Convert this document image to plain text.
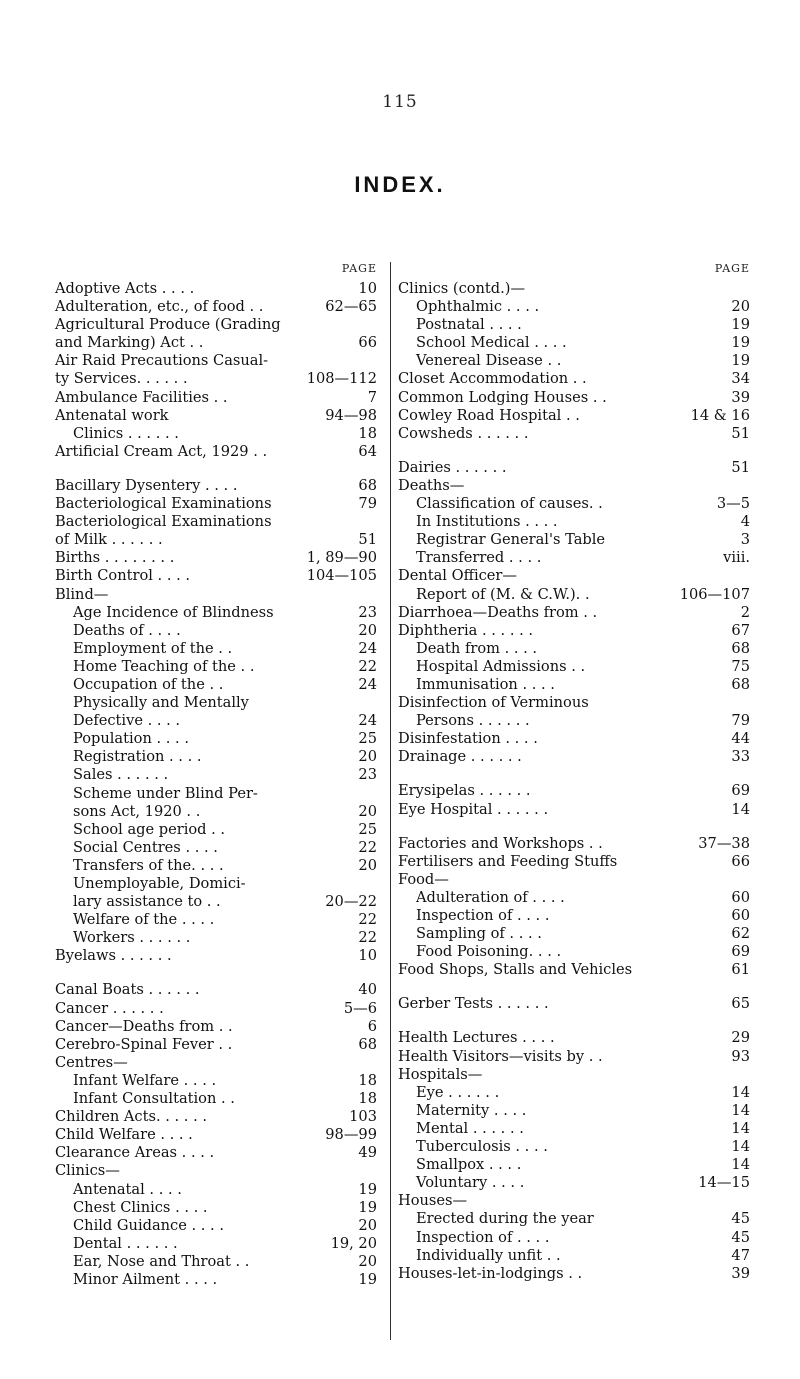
115
INDEX.
PAGE
Adoptive Acts . . . .	10
Adulteration, etc., of food . .	62—65
Agricultural Produce (Grading
and Marking) Act . .	66
Air Raid Precautions Casual-
ty Services. . . . . .	108—112
Ambulance Facilities . .	7
Antenatal work	94—98
Clinics . . . . . .	18
Artificial Cream Act, 1929 . .	64
Bacillary Dysentery . . . .	68
Bacteriological Examinations	79
Bacteriological Examinations
of Milk . . . . . .	51
Births . . . . . . . .	1, 89—90
Birth Control . . . .	104—105
Blind—
Age Incidence of Blindness	23
Deaths of . . . .	20
Employment of the . .	24
Home Teaching of the . .	22
Occupation of the . .	24
Physically and Mentally
Defective . . . .	24
Population . . . .	25
Registration . . . .	20
Sales . . . . . .	23
Scheme under Blind Per-
sons Act, 1920 . .	20
School age period . .	25
Social Centres . . . .	22
Transfers of the. . . .	20
Unemployable, Domici-
lary assistance to . .	20—22
Welfare of the . . . .	22
Workers . . . . . .	22
Byelaws . . . . . .	10
Canal Boats . . . . . .	40
Cancer . . . . . .	5—6
Cancer—Deaths from . .	6
Cerebro-Spinal Fever . .	68
Centres—
Infant Welfare . . . .	18
Infant Consultation . .	18
Children Acts. . . . . .	103
Child Welfare . . . .	98—99
Clearance Areas . . . .	49
Clinics—
Antenatal . . . .	19
Chest Clinics . . . .	19
Child Guidance . . . .	20
Dental . . . . . .	19, 20
Ear, Nose and Throat . .	20
Minor Ailment . . . .	19
PAGE
Clinics (contd.)—
Ophthalmic . . . .	20
Postnatal . . . .	19
School Medical . . . .	19
Venereal Disease . .	19
Closet Accommodation . .	34
Common Lodging Houses . .	39
Cowley Road Hospital . .	14 & 16
Cowsheds . . . . . .	51
Dairies . . . . . .	51
Deaths—
Classification of causes. .	3—5
In Institutions . . . .	4
Registrar General's Table	3
Transferred . . . .	viii.
Dental Officer—
Report of (M. & C.W.). .	106—107
Diarrhoea—Deaths from . .	2
Diphtheria . . . . . .	67
Death from . . . .	68
Hospital Admissions . .	75
Immunisation . . . .	68
Disinfection of Verminous
Persons . . . . . .	79
Disinfestation . . . .	44
Drainage . . . . . .	33
Erysipelas . . . . . .	69
Eye Hospital . . . . . .	14
Factories and Workshops . .	37—38
Fertilisers and Feeding Stuffs	66
Food—
Adulteration of . . . .	60
Inspection of . . . .	60
Sampling of . . . .	62
Food Poisoning. . . .	69
Food Shops, Stalls and Vehicles	61
Gerber Tests . . . . . .	65
Health Lectures . . . .	29
Health Visitors—visits by . .	93
Hospitals—
Eye . . . . . .	14
Maternity . . . .	14
Mental . . . . . .	14
Tuberculosis . . . .	14
Smallpox . . . .	14
Voluntary . . . .	14—15
Houses—
Erected during the year	45
Inspection of . . . .	45
Individually unfit . .	47
Houses-let-in-lodgings . .	39
